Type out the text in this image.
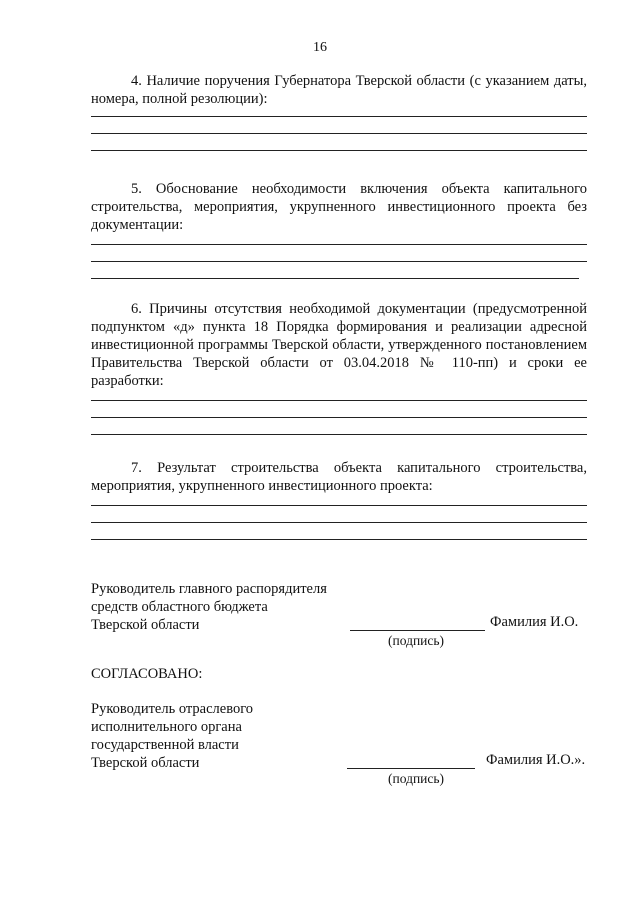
16

4. Наличие поручения Губернатора Тверской области (с указанием даты, номера, полной резолюции):

5. Обоснование необходимости включения объекта капитального строительства, мероприятия, укрупненного инвестиционного проекта без документации:

6. Причины отсутствия необходимой документации (предусмотренной подпунктом «д» пункта 18 Порядка формирования и реализации адресной инвестиционной программы Тверской области, утвержденного постановлением Правительства Тверской области от 03.04.2018 № 110-пп) и сроки ее разработки:

7. Результат строительства объекта капитального строительства, мероприятия, укрупненного инвестиционного проекта:

Руководитель главного распорядителя
средств областного бюджета
Тверской области	Фамилия И.О.
(подпись)
СОГЛАСОВАНО:
Руководитель отраслевого
исполнительного органа
государственной власти
Тверской области	Фамилия И.О.».
(подпись)
